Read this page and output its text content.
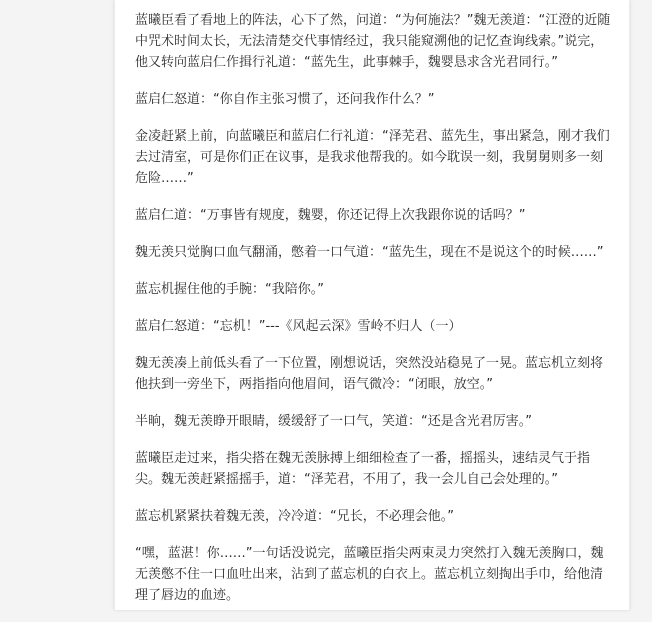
蓝曦臣看了看地上的阵法，心下了然，问道：“为何施法？”魏无羡道：“江澄的近随中咒术时间太长，无法清楚交代事情经过，我只能窥溯他的记忆查询线索。”说完，他又转向蓝启仁作揖行礼道：“蓝先生，此事棘手，魏婴恳求含光君同行。”

蓝启仁怒道：“你自作主张习惯了，还问我作什么？”

金凌赶紧上前，向蓝曦臣和蓝启仁行礼道：“泽芜君、蓝先生，事出紧急，刚才我们去过清室，可是你们正在议事，是我求他帮我的。如今耽误一刻，我舅舅则多一刻危险……”

蓝启仁道：“万事皆有规度，魏婴，你还记得上次我跟你说的话吗？”

魏无羡只觉胸口血气翻涌，憋着一口气道：“蓝先生，现在不是说这个的时候……”

蓝忘机握住他的手腕：“我陪你。”

蓝启仁怒道：“忘机！”---《风起云深》雪岭不归人（一）

魏无羡凑上前低头看了一下位置，刚想说话，突然没站稳晃了一晃。蓝忘机立刻将他扶到一旁坐下，两指指向他眉间，语气微冷：“闭眼，放空。”

半晌，魏无羡睁开眼睛，缓缓舒了一口气，笑道：“还是含光君厉害。”

蓝曦臣走过来，指尖搭在魏无羡脉搏上细细检查了一番，摇摇头，速结灵气于指尖。魏无羡赶紧摇摇手，道：“泽芜君，不用了，我一会儿自己会处理的。”

蓝忘机紧紧扶着魏无羡，冷冷道：“兄长，不必理会他。”

“嘿，蓝湛！你……”一句话没说完，蓝曦臣指尖两束灵力突然打入魏无羡胸口，魏无羡憋不住一口血吐出来，沾到了蓝忘机的白衣上。蓝忘机立刻掏出手巾，给他清理了唇边的血迹。
